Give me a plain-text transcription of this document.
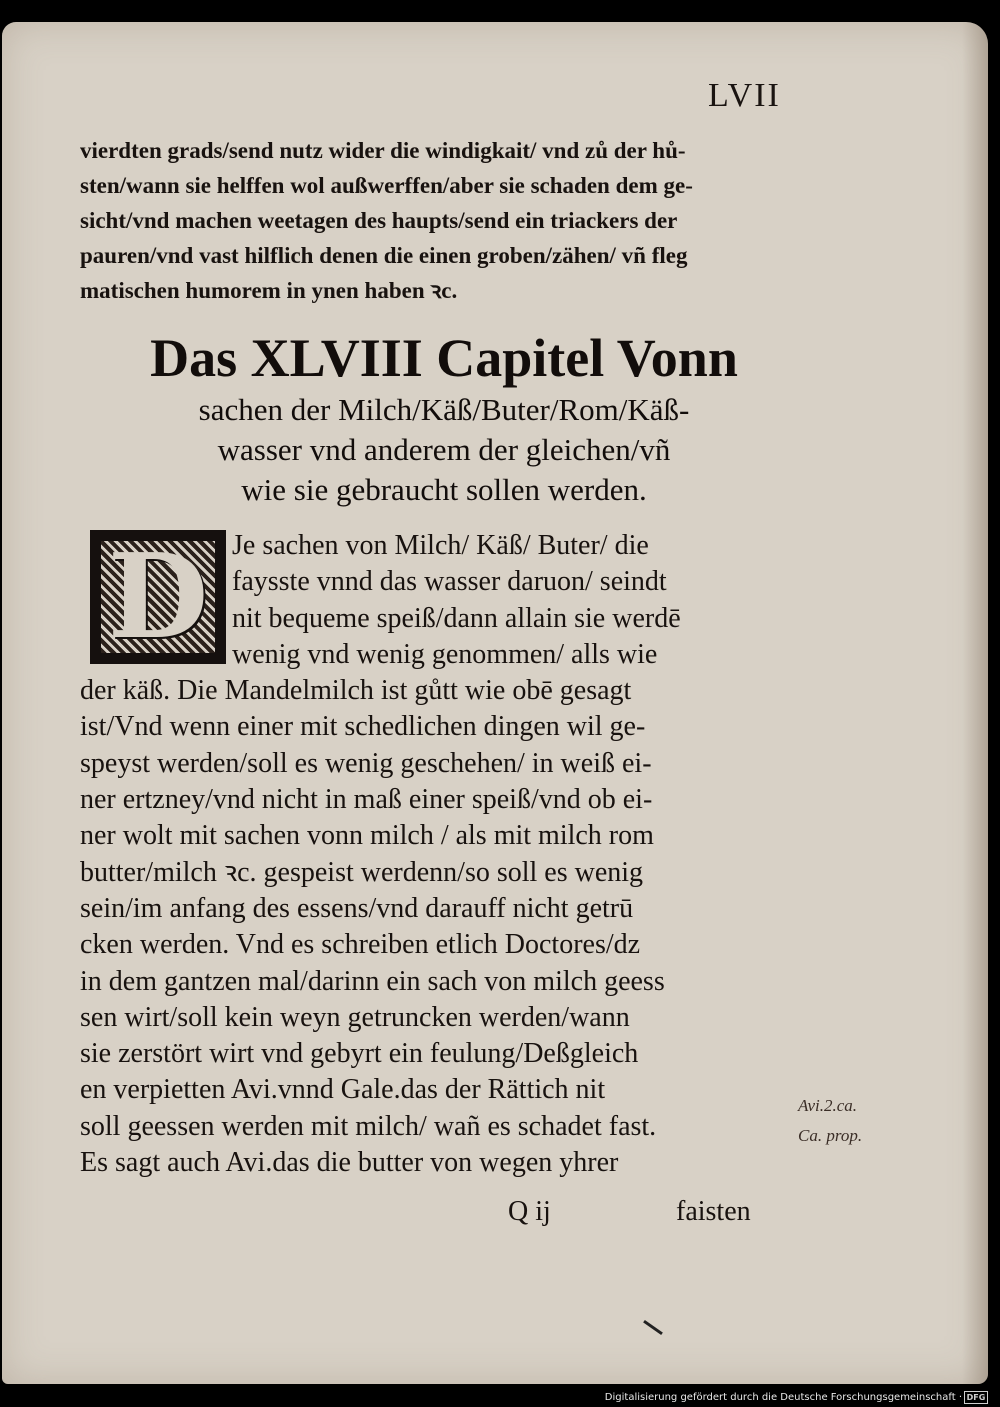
LVII
vierdten grads/send nutz wider die windigkait/ vnd zů der hů-
sten/wann sie helffen wol außwerffen/aber sie schaden dem ge-
sicht/vnd machen weetagen des haupts/send ein triackers der
pauren/vnd vast hilflich denen die einen groben/zähen/ vñ fleg
matischen humorem in ynen haben ꝛc.
Das XLVIII Capitel Vonn
sachen der Milch/Käß/Buter/Rom/Käß-
wasser vnd anderem der gleichen/vñ
wie sie gebraucht sollen werden.
D Je sachen von Milch/ Käß/ Buter/ die
faysste vnnd das wasser daruon/ seindt
nit bequeme speiß/dann allain sie werdē
wenig vnd wenig genommen/ alls wie
der käß. Die Mandelmilch ist gůtt wie obē gesagt
ist/Vnd wenn einer mit schedlichen dingen wil ge-
speyst werden/soll es wenig geschehen/ in weiß ei-
ner ertzney/vnd nicht in maß einer speiß/vnd ob ei-
ner wolt mit sachen vonn milch / als mit milch rom
butter/milch ꝛc. gespeist werdenn/so soll es wenig
sein/im anfang des essens/vnd darauff nicht getrū
cken werden. Vnd es schreiben etlich Doctores/dz
in dem gantzen mal/darinn ein sach von milch geess
sen wirt/soll kein weyn getruncken werden/wann
sie zerstört wirt vnd gebyrt ein feulung/Deßgleich
en verpietten Avi.vnnd Gale.das der Rättich nit
soll geessen werden mit milch/ wañ es schadet fast.
Es sagt auch Avi.das die butter von wegen yhrer
Avi.2.ca.
Ca. prop.
Q ij	faisten
Digitalisierung gefördert durch die Deutsche Forschungsgemeinschaft · DFG
